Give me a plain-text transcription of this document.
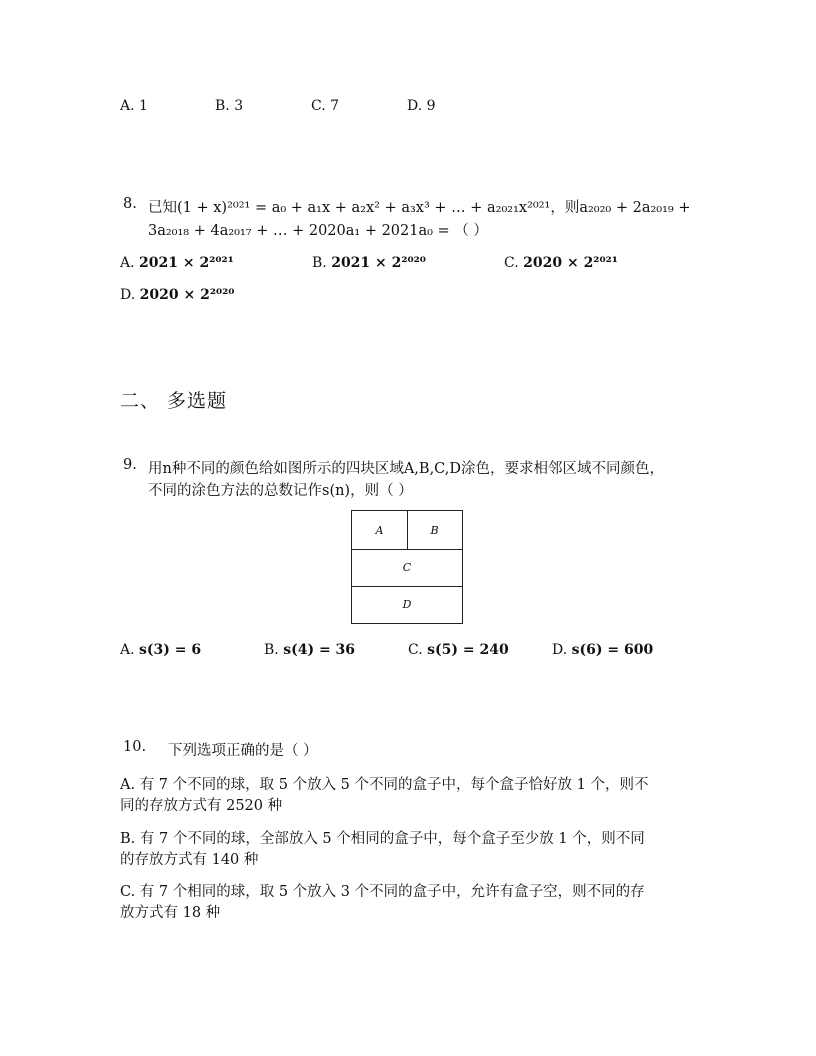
A. 1	B. 3	C. 7	D. 9
8. 已知(1 + x)²⁰²¹ = a₀ + a₁x + a₂x² + a₃x³ + … + a₂₀₂₁x²⁰²¹，则a₂₀₂₀ + 2a₂₀₁₉ +
3a₂₀₁₈ + 4a₂₀₁₇ + … + 2020a₁ + 2021a₀ = （ ）
A. 2021 × 2²⁰²¹	B. 2021 × 2²⁰²⁰	C. 2020 × 2²⁰²¹
D. 2020 × 2²⁰²⁰
二、 多选题
9. 用n种不同的颜色给如图所示的四块区域A,B,C,D涂色，要求相邻区域不同颜色，
不同的涂色方法的总数记作s(n)，则（ ）
A	B
C
D
A. s(3) = 6	B. s(4) = 36	C. s(5) = 240	D. s(6) = 600
10. 下列选项正确的是（ ）
A. 有 7 个不同的球，取 5 个放入 5 个不同的盒子中，每个盒子恰好放 1 个，则不
同的存放方式有 2520 种
B. 有 7 个不同的球，全部放入 5 个相同的盒子中，每个盒子至少放 1 个，则不同
的存放方式有 140 种
C. 有 7 个相同的球，取 5 个放入 3 个不同的盒子中，允许有盒子空，则不同的存
放方式有 18 种
